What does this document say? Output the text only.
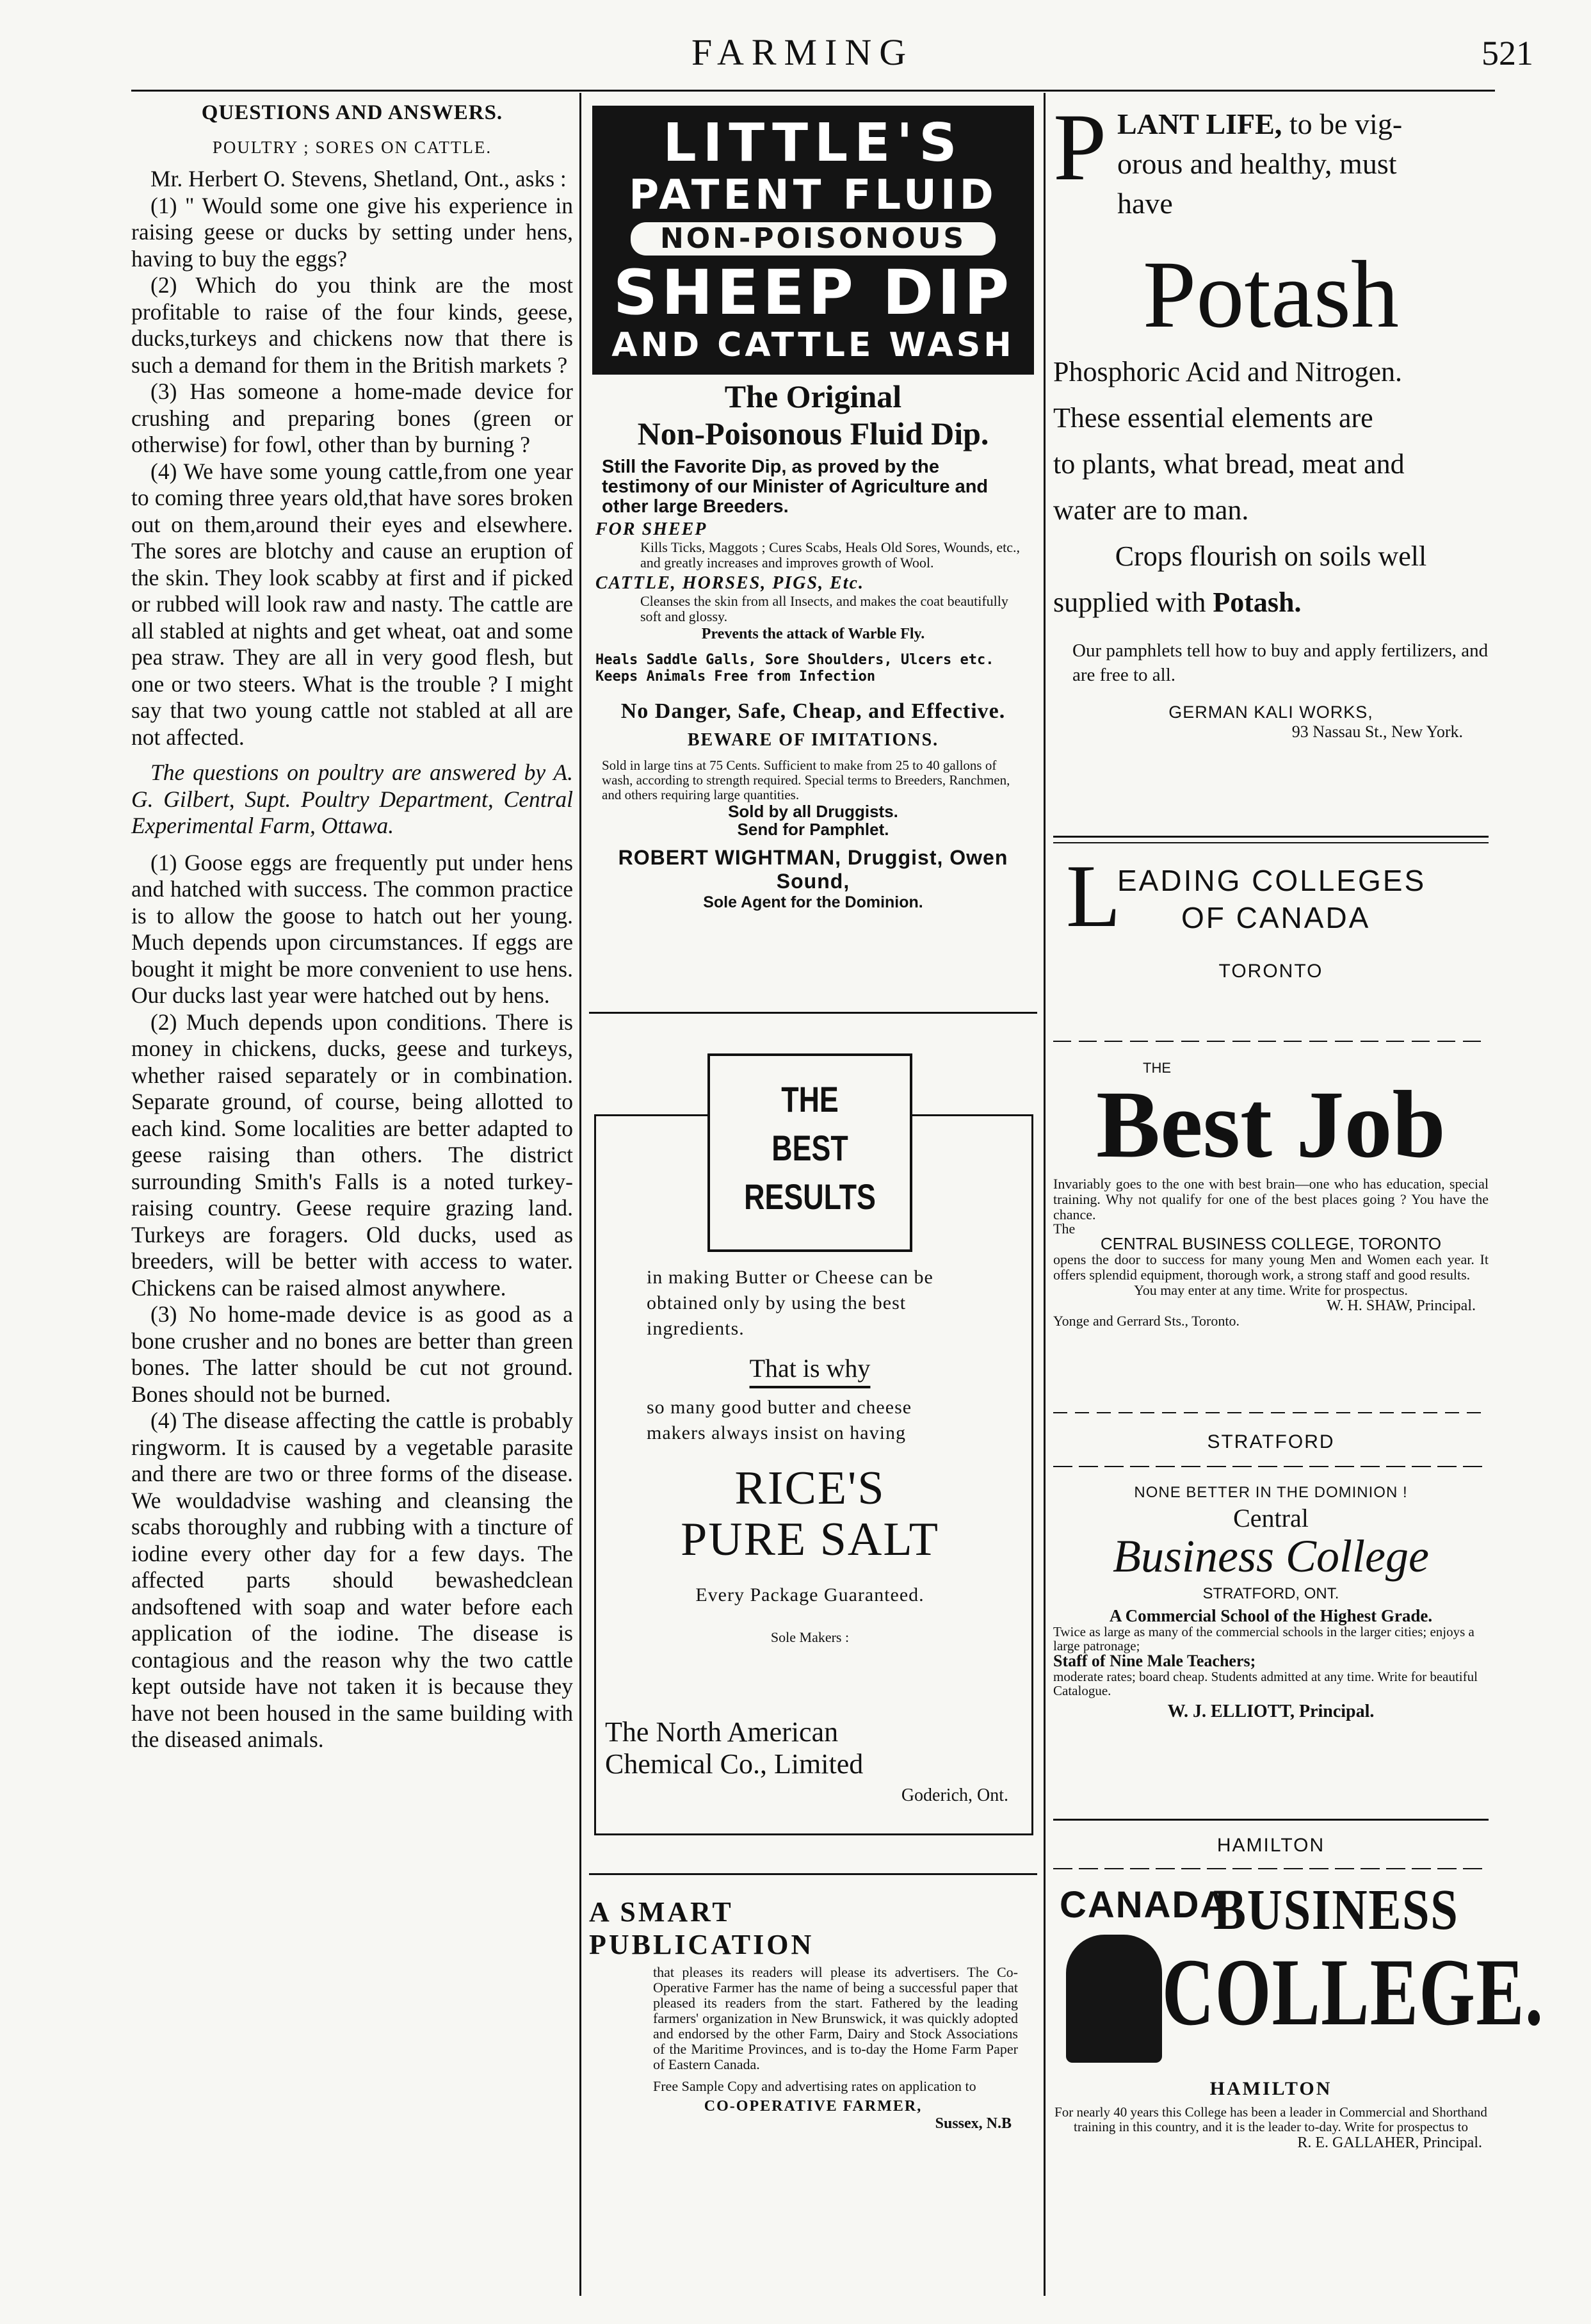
FARMING	521
QUESTIONS AND ANSWERS.
POULTRY ; SORES ON CATTLE.

Mr. Herbert O. Stevens, Shetland, Ont., asks :

(1) " Would some one give his experience in raising geese or ducks by setting under hens, having to buy the eggs?

(2) Which do you think are the most profitable to raise of the four kinds, geese, ducks,turkeys and chickens now that there is such a demand for them in the British markets ?

(3) Has someone a home-made device for crushing and preparing bones (green or otherwise) for fowl, other than by burning ?

(4) We have some young cattle,from one year to coming three years old,that have sores broken out on them,around their eyes and elsewhere. The sores are blotchy and cause an eruption of the skin. They look scabby at first and if picked or rubbed will look raw and nasty. The cattle are all stabled at nights and get wheat, oat and some pea straw. They are all in very good flesh, but one or two steers. What is the trouble ? I might say that two young cattle not stabled at all are not affected.

The questions on poultry are answered by A. G. Gilbert, Supt. Poultry Department, Central Experimental Farm, Ottawa.

(1) Goose eggs are frequently put under hens and hatched with success. The common practice is to allow the goose to hatch out her young. Much depends upon circumstances. If eggs are bought it might be more convenient to use hens. Our ducks last year were hatched out by hens.

(2) Much depends upon conditions. There is money in chickens, ducks, geese and turkeys, whether raised separately or in combination. Separate ground, of course, being allotted to each kind. Some localities are better adapted to geese raising than others. The district surrounding Smith's Falls is a noted turkey-raising country. Geese require grazing land. Turkeys are foragers. Old ducks, used as breeders, will be better with access to water. Chickens can be raised almost anywhere.

(3) No home-made device is as good as a bone crusher and no bones are better than green bones. The latter should be cut not ground. Bones should not be burned.

(4) The disease affecting the cattle is probably ringworm. It is caused by a vegetable parasite and there are two or three forms of the disease. We wouldadvise washing and cleansing the scabs thoroughly and rubbing with a tincture of iodine every other day for a few days. The affected parts should bewashedclean andsoftened with soap and water before each application of the iodine. The disease is contagious and the reason why the two cattle kept outside have not taken it is because they have not been housed in the same building with the diseased animals.

LITTLE'S
PATENT FLUID
NON-POISONOUS
SHEEP DIP
AND CATTLE WASH
The Original
Non-Poisonous Fluid Dip.
Still the Favorite Dip, as proved by the testimony of our Minister of Agriculture and other large Breeders.
FOR SHEEP
Kills Ticks, Maggots ; Cures Scabs, Heals Old Sores, Wounds, etc., and greatly increases and improves growth of Wool.
CATTLE, HORSES, PIGS, Etc.
Cleanses the skin from all Insects, and makes the coat beautifully soft and glossy.
Prevents the attack of Warble Fly.
Heals Saddle Galls, Sore Shoulders, Ulcers etc. Keeps Animals Free from Infection
No Danger, Safe, Cheap, and Effective.
BEWARE OF IMITATIONS.
Sold in large tins at 75 Cents. Sufficient to make from 25 to 40 gallons of wash, according to strength required. Special terms to Breeders, Ranchmen, and others requiring large quantities.
Sold by all Druggists.
Send for Pamphlet.
ROBERT WIGHTMAN, Druggist, Owen Sound,
Sole Agent for the Dominion.
THE
BEST
RESULTS
in making Butter or Cheese can be obtained only by using the best ingredients.
That is why
so many good butter and cheese makers always insist on having
RICE'S
PURE SALT
Every Package Guaranteed.
Sole Makers :
The North American
Chemical Co., Limited
Goderich, Ont.
A SMART
PUBLICATION
that pleases its readers will please its advertisers. The Co-Operative Farmer has the name of being a successful paper that pleased its readers from the start. Fathered by the leading farmers' organization in New Brunswick, it was quickly adopted and endorsed by the other Farm, Dairy and Stock Associations of the Maritime Provinces, and is to-day the Home Farm Paper of Eastern Canada.
Free Sample Copy and advertising rates on application to
CO-OPERATIVE FARMER,
Sussex, N.B
P LANT LIFE, to be vig-
orous and healthy, must
have
Potash
Phosphoric Acid and Nitrogen.
These essential elements are
to plants, what bread, meat and
water are to man.
Crops flourish on soils well
supplied with Potash.
Our pamphlets tell how to buy and apply fertilizers, and are free to all.
GERMAN KALI WORKS,
93 Nassau St., New York.
L
EADING COLLEGES
OF CANADA
TORONTO
THE
Best Job
Invariably goes to the one with best brain—one who has education, special training. Why not qualify for one of the best places going ? You have the chance.
The
CENTRAL BUSINESS COLLEGE, TORONTO
opens the door to success for many young Men and Women each year. It offers splendid equipment, thorough work, a strong staff and good results.
You may enter at any time. Write for prospectus.
W. H. SHAW, Principal.
Yonge and Gerrard Sts., Toronto.
STRATFORD
NONE BETTER IN THE DOMINION !
Central
Business College
STRATFORD, ONT.
A Commercial School of the Highest Grade.
Twice as large as many of the commercial schools in the larger cities; enjoys a large patronage;
Staff of Nine Male Teachers;
moderate rates; board cheap. Students admitted at any time. Write for beautiful Catalogue.
W. J. ELLIOTT, Principal.
HAMILTON
CANADA
BUSINESS
COLLEGE.
HAMILTON
For nearly 40 years this College has been a leader in Commercial and Shorthand training in this country, and it is the leader to-day. Write for prospectus to
R. E. GALLAHER, Principal.
